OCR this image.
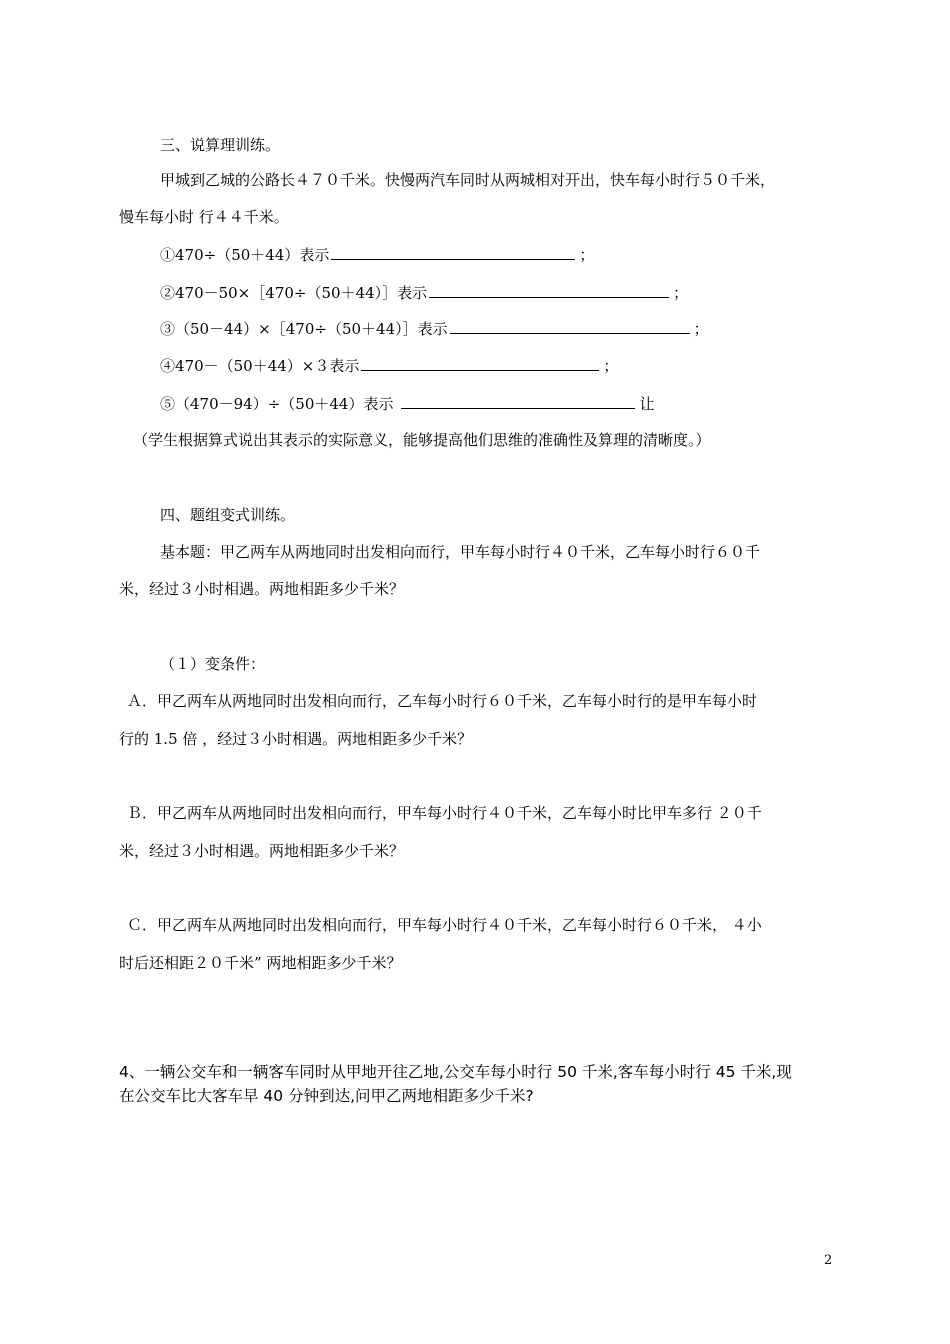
三、说算理训练。
甲城到乙城的公路长４７０千米。快慢两汽车同时从两城相对开出，快车每小时行５０千米，
慢车每小时 行４４千米。
①470÷（50＋44）表示	；
②470－50×［470÷（50＋44）］表示	；
③（50－44）×［470÷（50＋44）］表示	；
④470－（50＋44）×３表示	；
⑤（470－94）÷（50＋44）表示	让
（学生根据算式说出其表示的实际意义，能够提高他们思维的准确性及算理的清晰度。）
四、题组变式训练。
基本题：甲乙两车从两地同时出发相向而行，甲车每小时行４０千米，乙车每小时行６０千
米，经过３小时相遇。两地相距多少千米？
（１）变条件：
Ａ．甲乙两车从两地同时出发相向而行，乙车每小时行６０千米，乙车每小时行的是甲车每小时
行的 1.5 倍 ，经过３小时相遇。两地相距多少千米？
Ｂ．甲乙两车从两地同时出发相向而行，甲车每小时行４０千米，乙车每小时比甲车多行 ２０千
米，经过３小时相遇。两地相距多少千米？
Ｃ．甲乙两车从两地同时出发相向而行，甲车每小时行４０千米，乙车每小时行６０千米， ４小
时后还相距２０千米” 两地相距多少千米？
4、一辆公交车和一辆客车同时从甲地开往乙地,公交车每小时行 50 千米,客车每小时行 45 千米,现
在公交车比大客车早 40 分钟到达,问甲乙两地相距多少千米?
2
